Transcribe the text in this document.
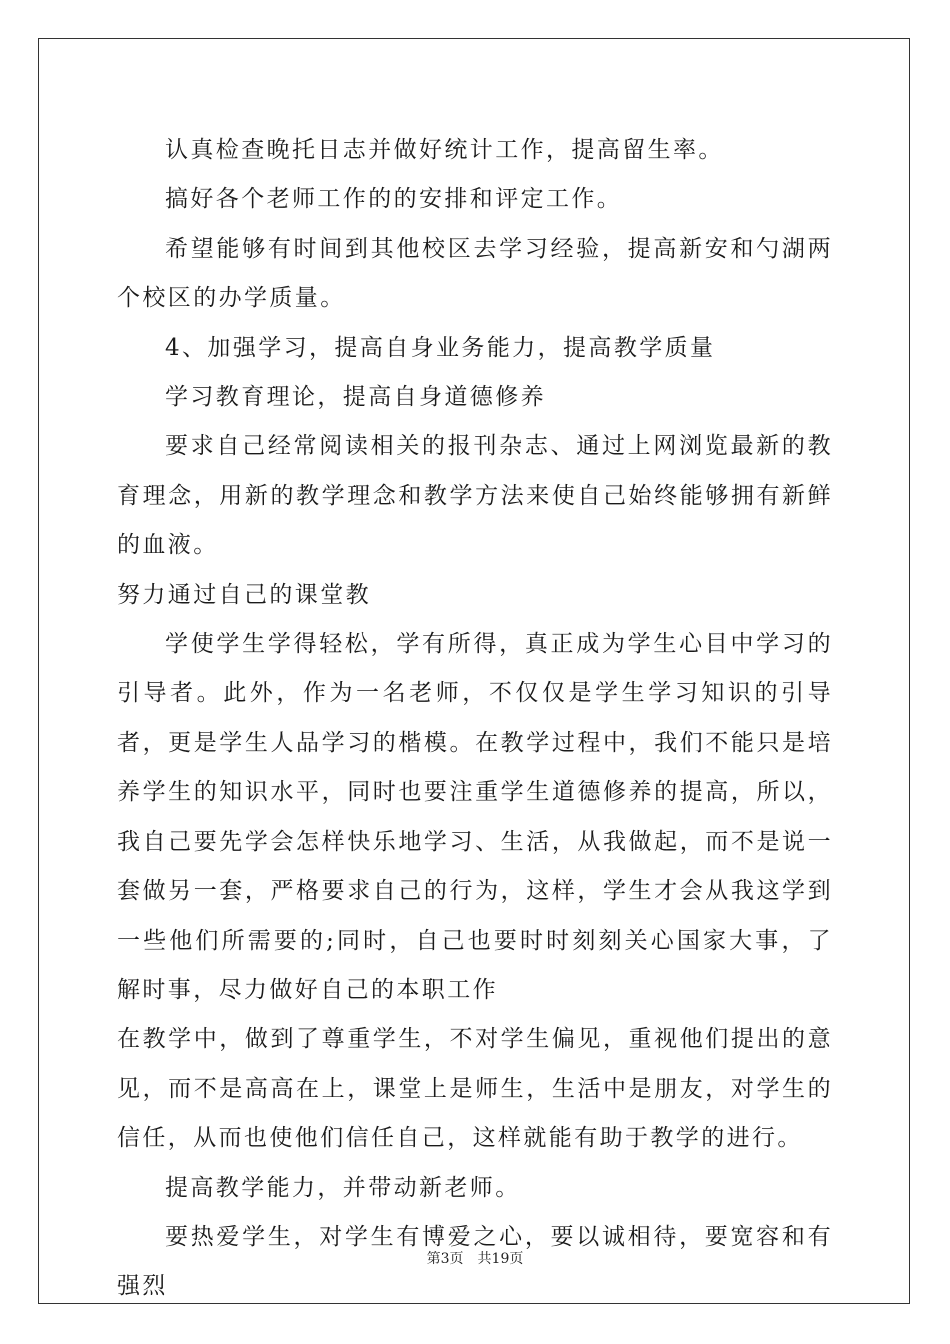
认真检查晚托日志并做好统计工作，提高留生率。

搞好各个老师工作的的安排和评定工作。

希望能够有时间到其他校区去学习经验，提高新安和勺湖两个校区的办学质量。

4、加强学习，提高自身业务能力，提高教学质量

学习教育理论，提高自身道德修养

要求自己经常阅读相关的报刊杂志、通过上网浏览最新的教育理念，用新的教学理念和教学方法来使自己始终能够拥有新鲜的血液。

努力通过自己的课堂教

学使学生学得轻松，学有所得，真正成为学生心目中学习的引导者。此外，作为一名老师，不仅仅是学生学习知识的引导者，更是学生人品学习的楷模。在教学过程中，我们不能只是培养学生的知识水平，同时也要注重学生道德修养的提高，所以，我自己要先学会怎样快乐地学习、生活，从我做起，而不是说一套做另一套，严格要求自己的行为，这样，学生才会从我这学到一些他们所需要的;同时，自己也要时时刻刻关心国家大事，了解时事，尽力做好自己的本职工作

在教学中，做到了尊重学生，不对学生偏见，重视他们提出的意见，而不是高高在上，课堂上是师生，生活中是朋友，对学生的信任，从而也使他们信任自己，这样就能有助于教学的进行。

提高教学能力，并带动新老师。

要热爱学生，对学生有博爱之心，要以诚相待，要宽容和有强烈

第3页 共19页
